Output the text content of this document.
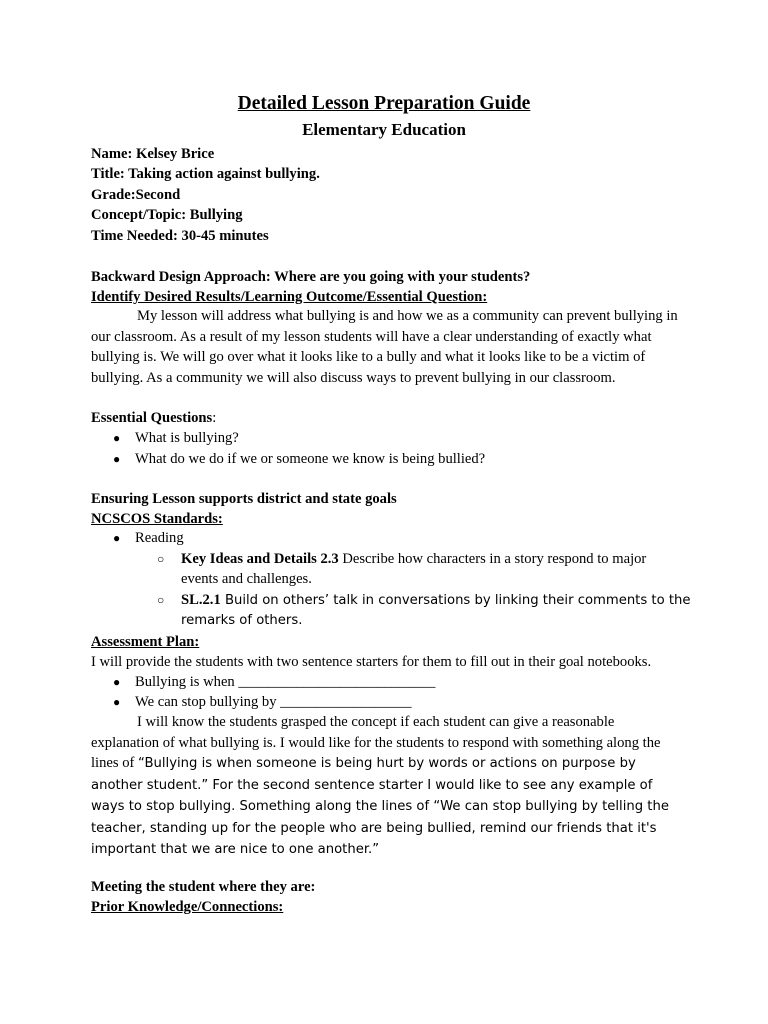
Detailed Lesson Preparation Guide
Elementary Education
Name: Kelsey Brice
Title: Taking action against bullying.
Grade:Second
Concept/Topic: Bullying
Time Needed: 30-45 minutes
Backward Design Approach: Where are you going with your students?
Identify Desired Results/Learning Outcome/Essential Question:
My lesson will address what bullying is and how we as a community can prevent bullying in our classroom. As a result of my lesson students will have a clear understanding of exactly what bullying is. We will go over what it looks like to a bully and what it looks like to be a victim of bullying. As a community we will also discuss ways to prevent bullying in our classroom.
Essential Questions:
● What is bullying?
● What do we do if we or someone we know is being bullied?
Ensuring Lesson supports district and state goals
NCSCOS Standards:
● Reading
○ Key Ideas and Details 2.3 Describe how characters in a story respond to major
events and challenges.
○ SL.2.1 Build on others’ talk in conversations by linking their comments to the
remarks of others.
Assessment Plan:
I will provide the students with two sentence starters for them to fill out in their goal notebooks.
● Bullying is when ___________________________
● We can stop bullying by __________________
I will know the students grasped the concept if each student can give a reasonable explanation of what bullying is. I would like for the students to respond with something along the lines of “Bullying is when someone is being hurt by words or actions on purpose by another student.” For the second sentence starter I would like to see any example of ways to stop bullying. Something along the lines of “We can stop bullying by telling the teacher, standing up for the people who are being bullied, remind our friends that it's important that we are nice to one another.”
Meeting the student where they are:
Prior Knowledge/Connections:
